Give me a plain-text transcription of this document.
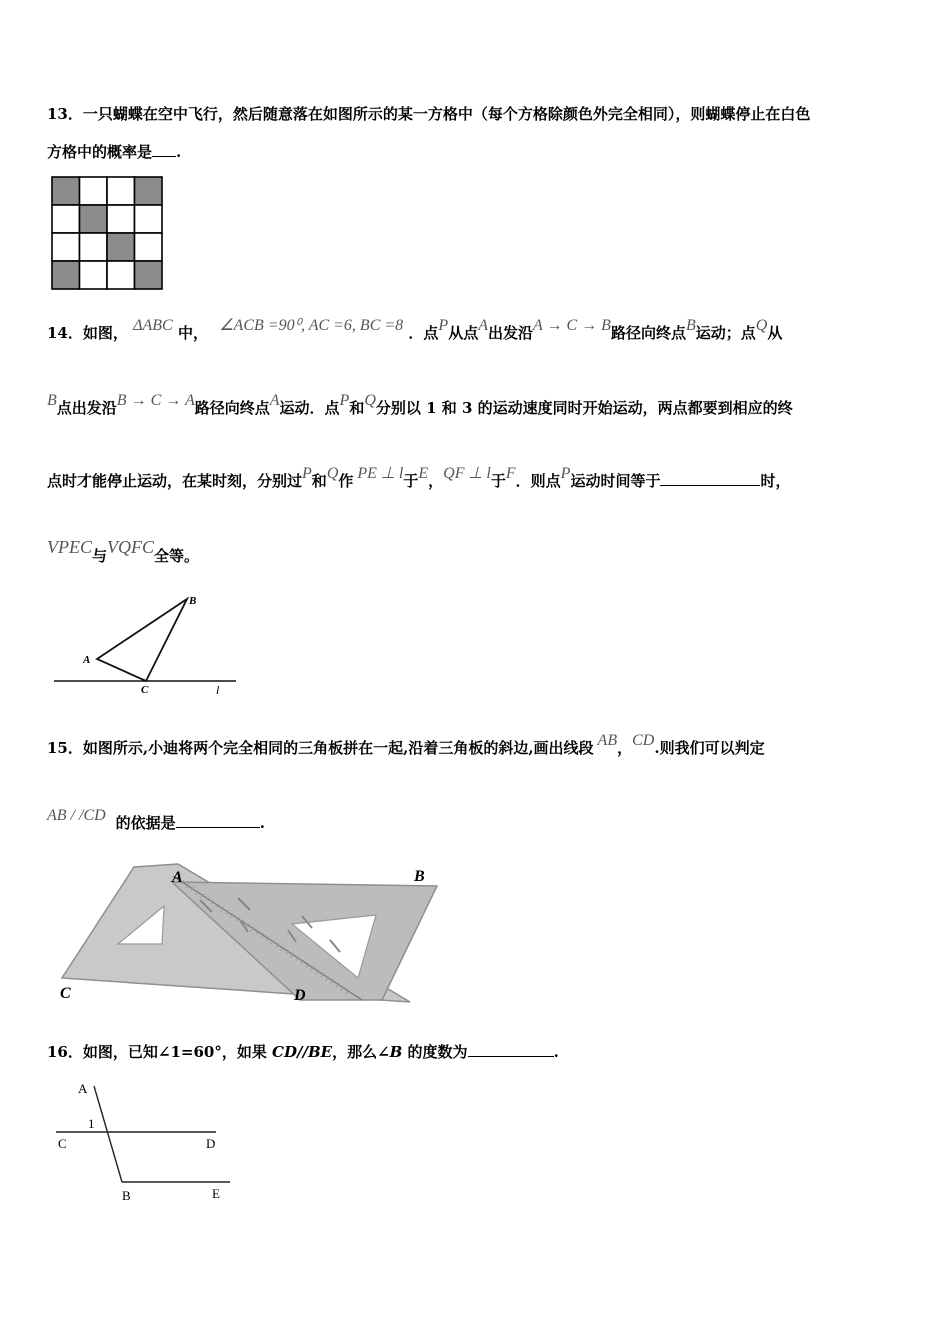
13．一只蝴蝶在空中飞行，然后随意落在如图所示的某一方格中（每个方格除颜色外完全相同），则蝴蝶停止在白色
方格中的概率是 .
14．如图， ΔABC 中， ∠ACB =90⁰, AC =6, BC =8 ．点P从点A出发沿A → C → B路径向终点B运动；点Q从
B点出发沿B → C → A路径向终点A运动．点P和Q分别以 1 和 3 的运动速度同时开始运动，两点都要到相应的终
点时才能停止运动，在某时刻，分别过P和Q作 PE ⊥ l于E，QF ⊥ l于F．则点P运动时间等于	时，
VPEC与VQFC全等。
A
B
C	l
15．如图所示,小迪将两个完全相同的三角板拼在一起,沿着三角板的斜边,画出线段 AB，CD.则我们可以判定
AB / /CD 的依据是	.
A	B
C	D
16．如图，已知∠1=60°，如果 CD//BE，那么∠B 的度数为	.
A
1
C	D
B	E
